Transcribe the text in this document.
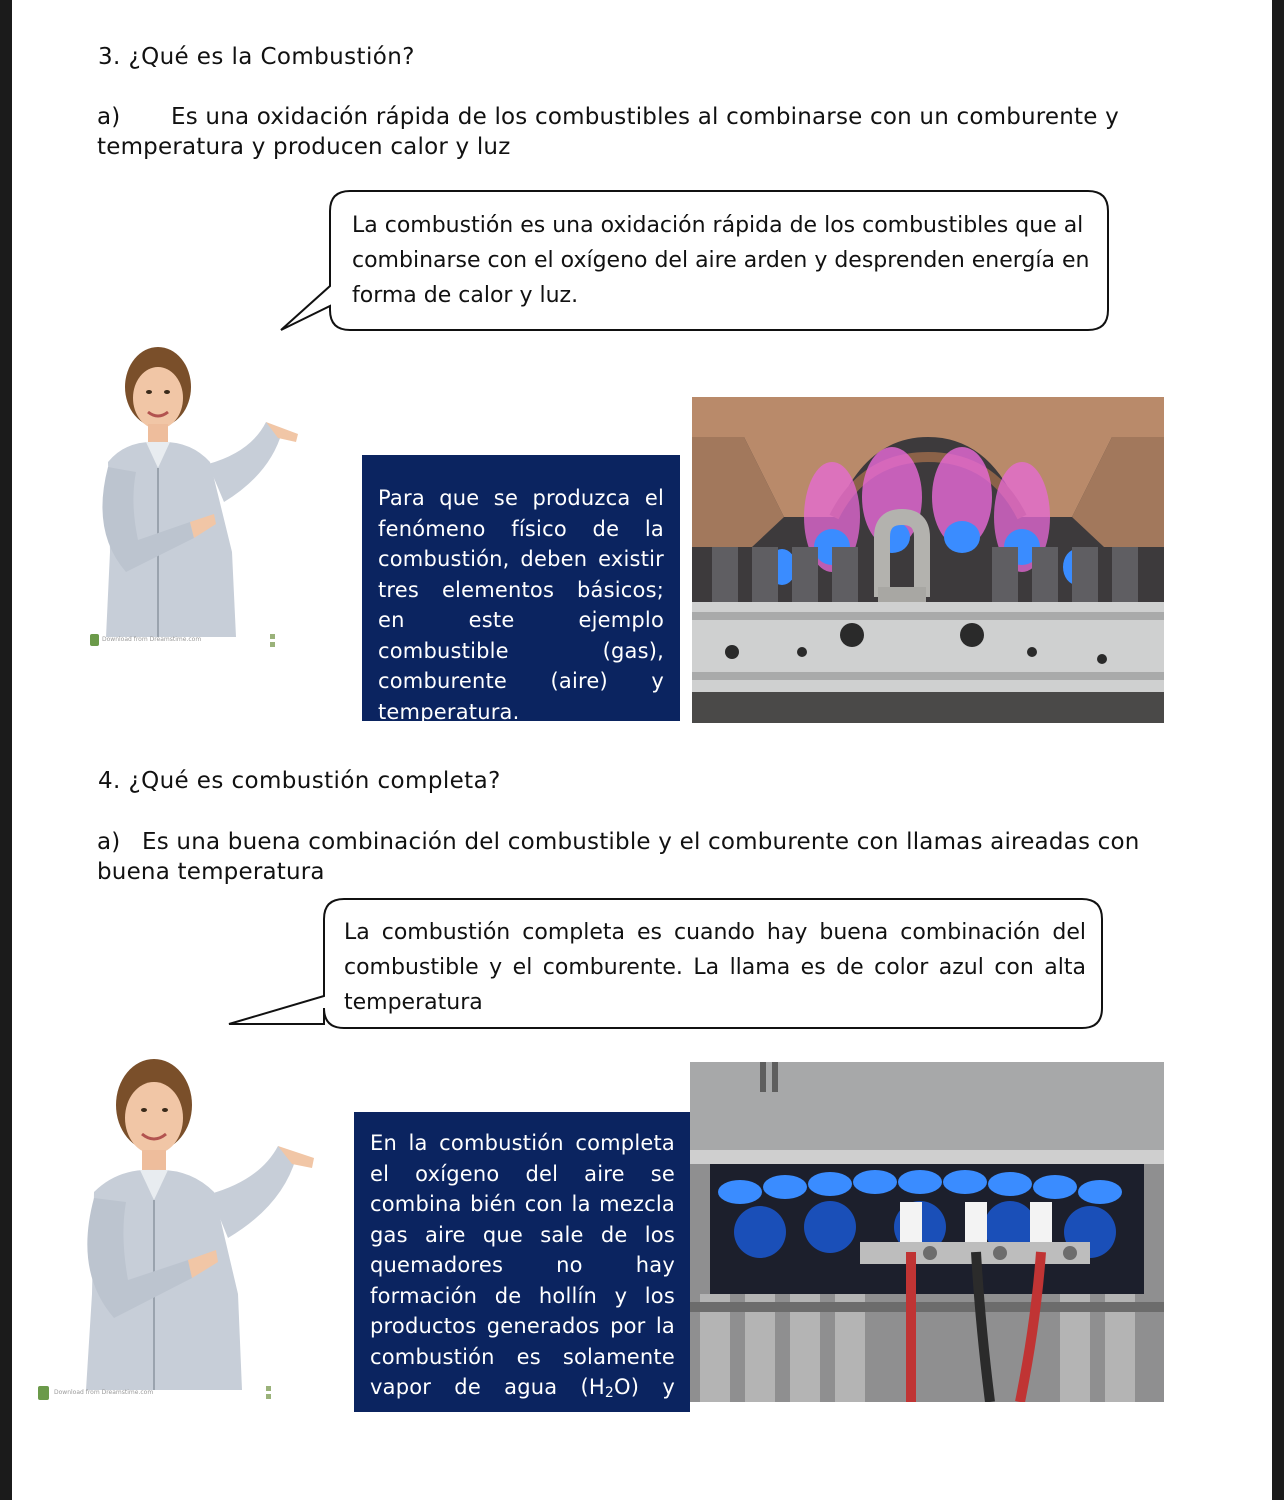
3. ¿Qué es la Combustión?
a) Es una oxidación rápida de los combustibles al combinarse con un comburente y temperatura y producen calor y luz
La combustión es una oxidación rápida de los combustibles que al combinarse con el oxígeno del aire arden y desprenden energía en forma de calor y luz.
Download from Dreamstime.com
Para que se produzca el fenómeno físico de la combustión, deben existir tres elementos básicos; en este ejemplo combustible (gas), comburente (aire) y temperatura.
4. ¿Qué es combustión completa?
a) Es una buena combinación del combustible y el comburente con llamas aireadas con buena temperatura
La combustión completa es cuando hay buena combinación del combustible y el comburente. La llama es de color azul con alta temperatura
Download from Dreamstime.com
En la combustión completa el oxígeno del aire se combina bién con la mezcla gas aire que sale de los quemadores no hay formación de hollín y los productos generados por la combustión es solamente vapor de agua $(H_2O)$ y dióxido de carbono $(CO_2)$
